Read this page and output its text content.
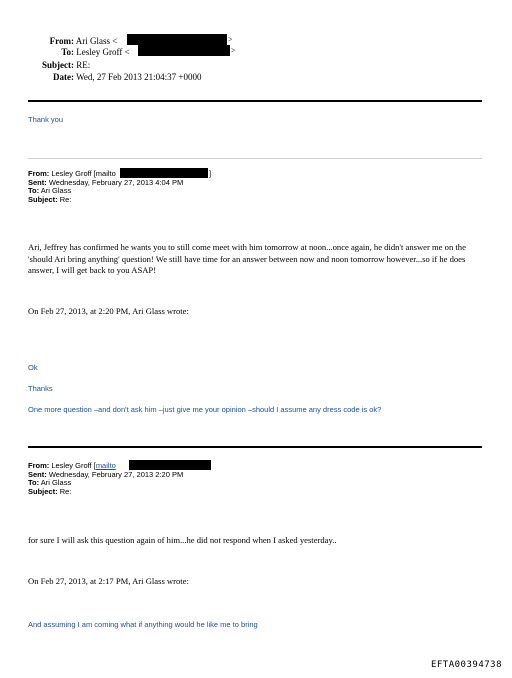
From: Ari Glass <	>
To: Lesley Groff <	>
Subject: RE:
Date: Wed, 27 Feb 2013 21:04:37 +0000
Thank you
From: Lesley Groff [mailto
Sent: Wednesday, February 27, 2013 4:04 PM
To: Ari Glass
Subject: Re:
]
Ari, Jeffrey has confirmed he wants you to still come meet with him tomorrow at noon...once again, he didn't answer me on the 'should Ari bring anything' question! We still have time for an answer between now and noon tomorrow however...so if he does answer, I will get back to you ASAP!
On Feb 27, 2013, at 2:20 PM, Ari Glass wrote:
Ok
Thanks
One more question –and don't ask him –just give me your opinion –should I assume any dress code is ok?
From: Lesley Groff [mailto
Sent: Wednesday, February 27, 2013 2:20 PM
To: Ari Glass
Subject: Re:
for sure I will ask this question again of him...he did not respond when I asked yesterday..
On Feb 27, 2013, at 2:17 PM, Ari Glass wrote:
And assuming I am coming what if anything would he like me to bring
EFTA00394738
